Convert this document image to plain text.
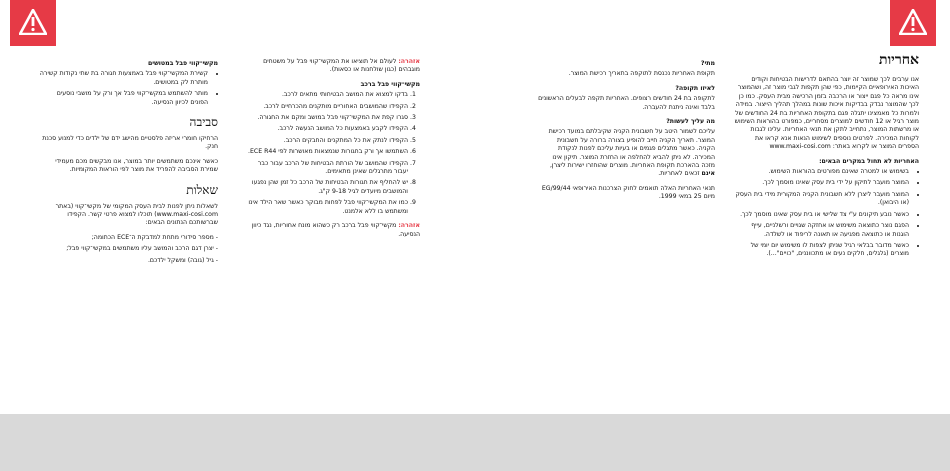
אחריות

אנו ערבים לכך שמוצר זה יוצר בהתאם לדרישות הבטיחות וקודים האיכות האירופאיים הקיימות, כפי שהן תקפות לגבי מוצר זה, ושהמוצר אינו מראה כל פגם ייצור או הרכבה בזמן הרכישה מבית העסק. כמו כן לכך שהמוצר נבדק בבדיקות איכות שונות במהלך תהליך הייצור. במידה ולמרות כל מאמצינו יתגלה פגם בתקופת האחריות בת 24 החודשים של מוצר רגיל או 12 חודשים למוצרים מסחריים, כמפורט בהוראות השימוש או מרשתות המוצר, נתחייב לתקן את תנאי האחריות. עלינו לגבות לקוחות המכירה. לפרטים נוספים לשימוש הנאות אנא קראו את הספרים המוצר או לקרוא באתר: www.maxi-cosi.com

האחריות לא תחול במקרים הבאים:
• בשימוש או למטרה שאינם מפורטים בהוראות השימוש.
• המוצר מועבר לתיקון על ידי בית עסק שאינו מוסמך לכך.
• המוצר מועבר ליצרן ללא חשבונית הקניה המקורית מידי בית העסק (או היבואן).
• כאשר נובע תיקונים ע"י צד שלישי או בית עסק שאינו מוסמך לכך.
• הפגם נוצר כתוצאה משימוש או אחזקה שגויים ורשלניים, עייף הוגנות או כתוצאה מפגיעה או תאונה לריפוד או לשלדה.
• כאשר מדובר בבלאי רגיל שניתן לצפות לו משימוש יום יומי של מוצרים (גלגלים, חלקים נעים או מתכווננים, "כויים"...).
מתי?

תקופת האחריות נכנסת לתוקפה בתאריך רכישת המוצר.

לאיזו תקופה?

לתקופה בת 24 חודשים רצופים. האחריות תקפה לבעלים הראשונים בלבד ואינה ניתנת להעברה.

מה עליך לעשות?

עליכם לשמור היטב על חשבונית הקניה שקיבלתם במועד רכישת המוצר. תאריך הקניה חייב להופיע בצורה ברורה על חשבונית הקניה. כאשר מתגלים פגמים או בעיות עליכם לפנות לנקודת המכירה. לא ניתן להביא להחלפה או החזרת המוצר. תיקון אינו מזכה בהארכת תקופת האחריות. מוצרים שהוחזרו ישירות ליצרן, אינם זכאים לאחריות.

תנאי האחריות האלה תואמים לחוק הצרכנות האירופאי 99/44/EG מיום 25 במאי 1999.

אזהרה: לעולם אל תוציאו את המקשי־קווי פבל על משטחים מוגבהים (כגון שולחנות או כסאות).

מקשי־קווי פבל ברכב
1. בדקו למצוא את המושב הבטיחותי מתאים לרכב.
2. הקפידו שהמושבים האחוריים מותקנים מהכרחיים לרכב.
3. סגרו קפת את המקשי־קווי פבל במושב ומקם את החגורה.
4. הקפידו לקבע באמצעות כל המושב הנעשה לרכב.
5. הקפידו לנתק את כל המתקנים והחבקים הרכב.
6. השתמשו אך ורק בחגורות שנמצאות מאושרות לפי ECE R44.
7. הקפידו שהמושב של הורתת הבטיחות של הרכב עבור כבר יעבור מתרגלים שאינן מתאימים.
8. יש להחליף את חגורות הבטיחות של הרכב כל זמן שהן נפגעו והמושבים מיועדים לגיל 9-18 ק"ג.
9. כמו את המקשי־קווי פבל לפחות מבוקר כאשר שאר הילד אינו ומשתמש בו ללא אלמנט.

אזהרה: מקשי־קווי פבל ברכב רק כשהוא מונח אחוריות, נגד כיוון הנסיעה.

מקשי־קווי פבל במטושים
• קשירת המקשי־קווי פבל באמצעות חגורה בת שתי נקודות קשירה מותרת לק במטושים.
• מותר להשתמש במקשי־קווי פבל אך ורק על מושבי נוסעים הפונים לכיוון הנסיעה.
סביבה

הרחיקו חומרי אריזה פלסטיים מהישג ידם של ילדים כדי למנוע סכנת חנק.

כאשר אינכם משתמשים יותר במוצר, אנו מבקשים מכם מעמידי שמירת הסביבה להפריד את מוצר לפי הוראות המקומיות.

שאלות

לשאלות ניתן לפנות לבית העסק המקומי של מקשי־קווי (באתר www.maxi-cosi.com) תוכלו למצוא פרטי קשר. הקפידו שברשותכם הנתונים הבאים:

- מספר סידורי מתחת למדבקת ה־ECE הכתומה;
- יצרן דגם הרכב והמושב עליו משתמשים במקשי־קווי פבל;
- גיל (גובה) ומשקל ילדכם.
